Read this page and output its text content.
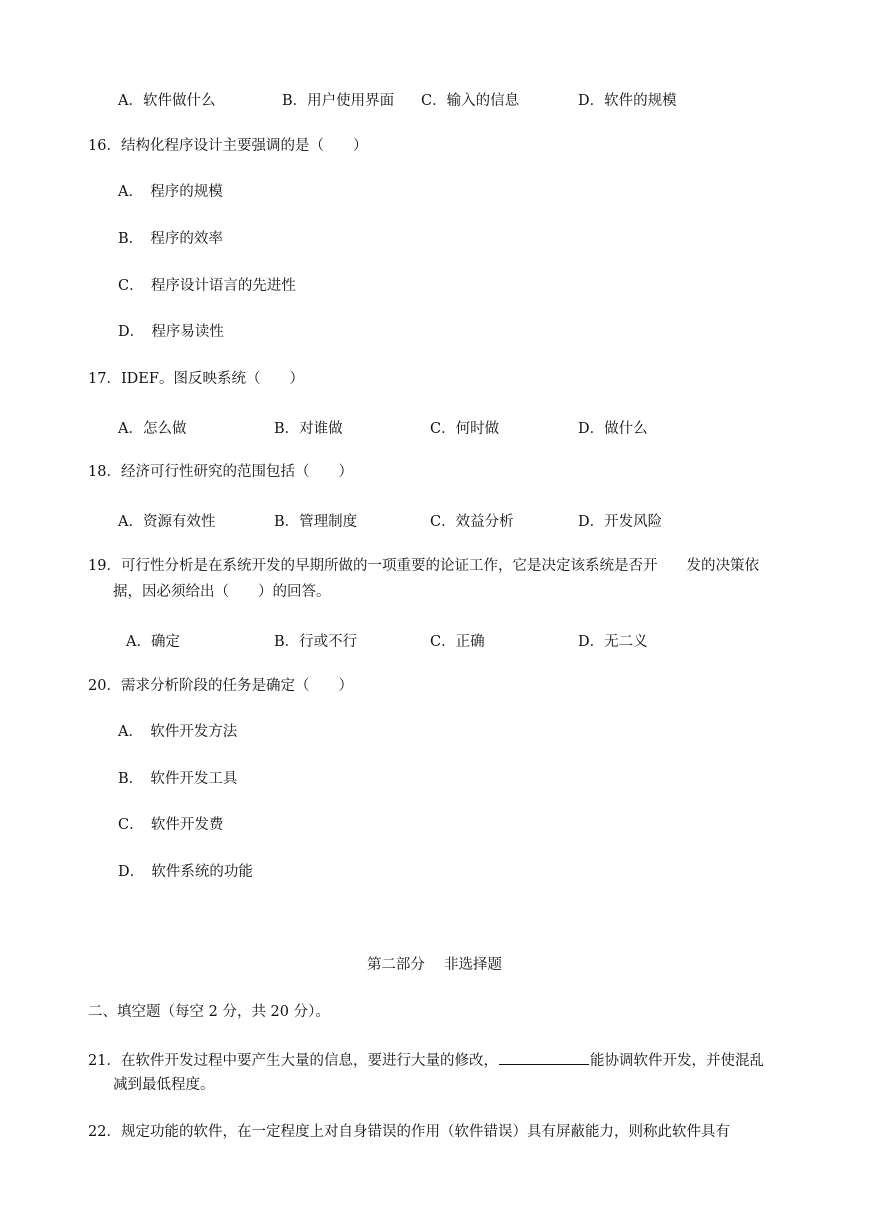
A．软件做什么	B．用户使用界面 C．输入的信息	D．软件的规模
16．结构化程序设计主要强调的是（　　）
A．　程序的规模
B．　程序的效率
C．　程序设计语言的先进性
D．　程序易读性
17．IDEF。图反映系统（　　）
A．怎么做	B．对谁做	C．何时做	D．做什么
18．经济可行性研究的范围包括（　　）
A．资源有效性	B．管理制度	C．效益分析	D．开发风险
19．可行性分析是在系统开发的早期所做的一项重要的论证工作，它是决定该系统是否开　　发的决策依
据，因必须给出（　　）的回答。
A．确定	B．行或不行	C．正确	D．无二义
20．需求分析阶段的任务是确定（　　）
A．　软件开发方法
B．　软件开发工具
C．　软件开发费
D．　软件系统的功能
第二部分　 非选择题
二、填空题（每空 2 分，共 20 分）。
21．在软件开发过程中要产生大量的信息，要进行大量的修改，	能协调软件开发，并使混乱
减到最低程度。
22．规定功能的软件，在一定程度上对自身错误的作用（软件错误）具有屏蔽能力，则称此软件具有
